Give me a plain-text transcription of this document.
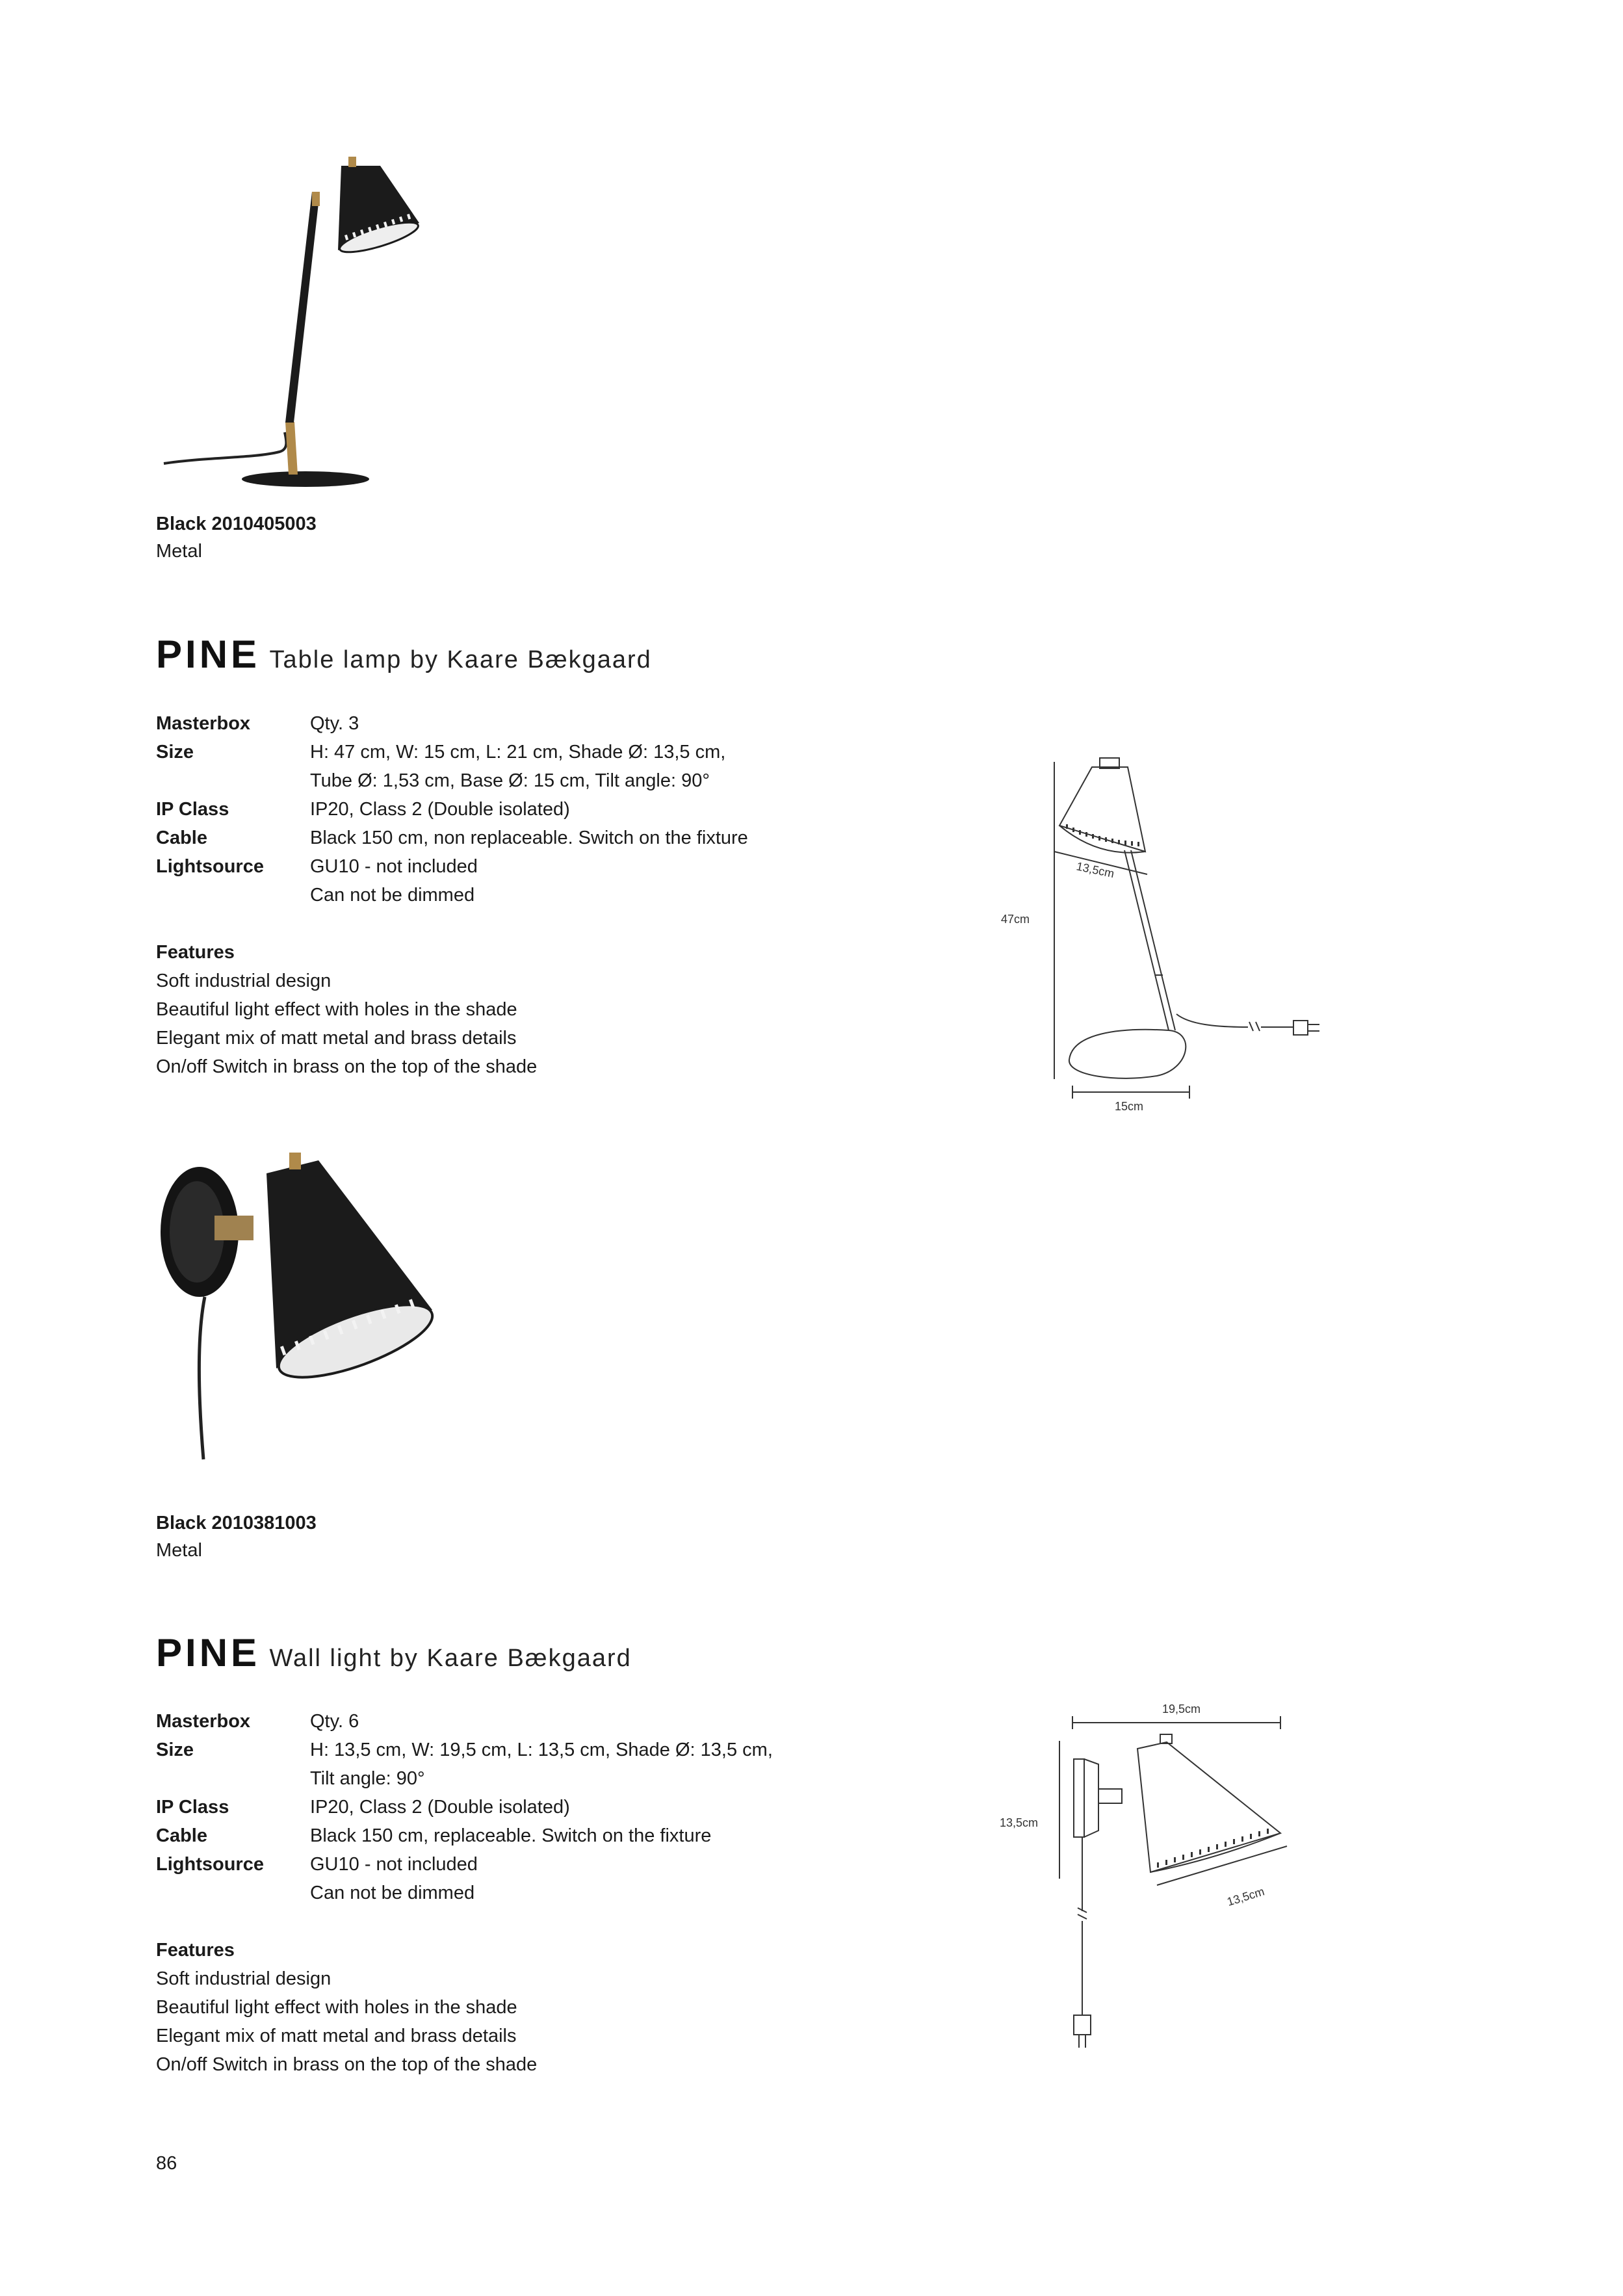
Black 2010405003
Metal
PINE Table lamp by Kaare Bækgaard
Masterbox	Qty. 3
Size	H: 47 cm, W: 15 cm, L: 21 cm, Shade Ø: 13,5 cm,
Tube Ø: 1,53 cm, Base Ø: 15 cm, Tilt angle: 90°
IP Class	IP20, Class 2 (Double isolated)
Cable	Black 150 cm, non replaceable. Switch on the fixture
Lightsource	GU10 - not included
Can not be dimmed
Features
Soft industrial design
Beautiful light effect with holes in the shade
Elegant mix of matt metal and brass details
On/off Switch in brass on the top of the shade
47cm
13,5cm
15cm
Black 2010381003
Metal
PINE Wall light by Kaare Bækgaard
Masterbox	Qty. 6
Size	H: 13,5 cm, W: 19,5 cm, L: 13,5 cm, Shade Ø: 13,5 cm,
Tilt angle: 90°
IP Class	IP20, Class 2 (Double isolated)
Cable	Black 150 cm, replaceable. Switch on the fixture
Lightsource	GU10 - not included
Can not be dimmed
Features
Soft industrial design
Beautiful light effect with holes in the shade
Elegant mix of matt metal and brass details
On/off Switch in brass on the top of the shade
19,5cm
13,5cm
13,5cm
86
